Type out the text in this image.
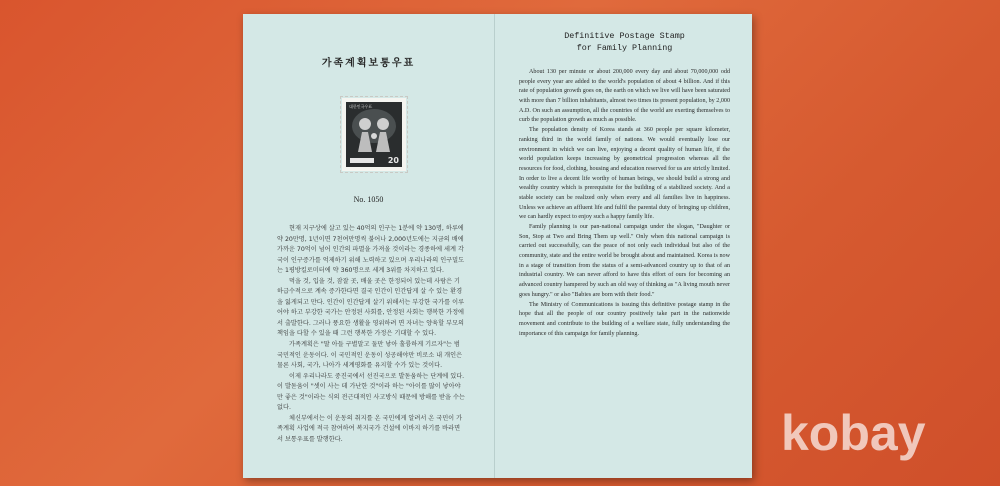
가족계획보통우표
대한민국우표
20
No. 1050

현재 지구상에 살고 있는 40억의 인구는 1분에 약 130명, 하루에 약 20만명, 1년이면 7천여만명씩 불어나 2,000년도에는 지금의 배에 가까운 70억이 넘어 인간의 파멸을 가져올 것이라는 경종하에 세계 각국이 인구증가를 억제하기 위해 노력하고 있으며 우리나라의 인구밀도는 1평방킬로미터에 약 360명으로 세계 3위를 차지하고 있다.

먹을 것, 입을 것, 잠잘 곳, 배울 곳은 한정되어 있는데 사람은 기하급수적으로 계속 증가한다면 결국 인간이 인간답게 살 수 있는 환경을 잃게되고 만다. 인간이 인간답게 살기 위해서는 부강한 국가를 이루어야 하고 부강한 국가는 안정된 사회를, 안정된 사회는 행복한 가정에서 출발한다. 그러나 풍요한 생활을 영위하려 면 자녀는 양육할 부모의 책임을 다할 수 있을 때 그런 행복한 가정은 기대할 수 있다.

가족계획은 "딸 아들 구별말고 둘만 낳아 훌륭하게 기르자"는 범 국민적인 운동이다. 이 국민적인 운동이 성공해야만 비로소 내 개인은 물론 사회, 국가, 나아가 세계평화를 유지할 수가 있는 것이다.

이제 우리나라도 중진국에서 선진국으로 발돋움하는 단계에 있다. 이 발돋움이 "셋이 사는 데 가난한 것"이라 하는 "아이를 많이 낳아야만 좋은 것"이라는 식의 전근대적인 사고방식 때문에 방해를 받을 수는 없다.

체신부에서는 이 운동의 취지를 온 국민에게 알려서 온 국민이 가족계획 사업에 적극 참여하여 복지국가 건설에 이바지 하기를 바라면서 보통우표를 발행한다.

Definitive Postage Stamp
for Family Planning

About 130 per minute or about 200,000 every day and about 70,000,000 odd people every year are added to the world's population of about 4 billion. And if this rate of population growth goes on, the earth on which we live will have been saturated with more than 7 billion inhabitants, almost two times its present population, by 2,000 A.D. On such an assumption, all the countries of the world are exerting themselves to curb the population growth as much as possible.

The population density of Korea stands at 360 people per square kilometer, ranking third in the world family of nations. We would eventually lose our environment in which we can live, enjoying a decent quality of human life, if the world population keeps increasing by geometrical progression whereas all the resources for food, clothing, housing and education reserved for us are strictly limited. In order to live a decent life worthy of human beings, we should build a strong and wealthy country which is prerequisite for the building of a stabilized society. And a stable society can be realized only when every and all families live in happiness. Unless we achieve an affluent life and fulfil the parental duty of bringing up children, we can hardly expect to enjoy such a happy family life.

Family planning is our pan-national campaign under the slogan, "Daughter or Son, Stop at Two and Bring Them up well." Only when this national campaign is carried out successfully, can the peace of not only each individual but also of the community, state and the entire world be brought about and maintained. Korea is now in a stage of transition from the status of a semi-advanced country up to that of an industrial country. We can never afford to have this effort of ours for becoming an advanced country hampered by such an old way of thinking as "A living mouth never goes hungry." or also "Babies are born with their food."

The Ministry of Communications is issuing this definitive postage stamp in the hope that all the people of our country positively take part in the nationwide movement and contribute to the building of a welfare state, fully understanding the importance of this campaign for family planning.

kobay
